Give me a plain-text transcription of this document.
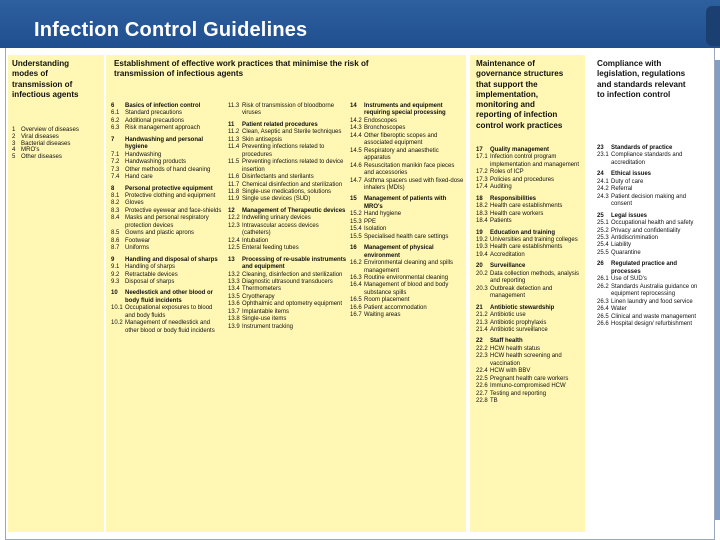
Infection Control Guidelines
Understanding
modes of
transmission of
infectious agents
1 Overview of diseases
2 Viral diseases
3 Bacterial diseases
4 MRO's
5 Other diseases
Establishment of effective work practices that minimise the risk of
transmission of infectious agents
6	Basics of infection control
6.1 Standard precautions
6.2 Additional precautions
6.3 Risk management approach
7	Handwashing and personal hygiene
7.1 Handwashing
7.2 Handwashing products
7.3 Other methods of hand cleaning
7.4 Hand care
8	Personal protective equipment
8.1 Protective clothing and equipment
8.2 Gloves
8.3 Protective eyewear and face-shields
8.4 Masks and personal respiratory protection devices
8.5 Gowns and plastic aprons
8.6 Footwear
8.7 Uniforms
9	Handling and disposal of sharps
9.1 Handling of sharps
9.2 Retractable devices
9.3 Disposal of sharps
10	Needlestick and other blood or body fluid incidents
10.1 Occupational exposures to blood and body fluids
10.2 Management of needlestick and other blood or body fluid incidents
11.3 Risk of transmission of bloodborne viruses
11	Patient related procedures
11.2 Clean, Aseptic and Sterile techniques
11.3 Skin antisepsis
11.4 Preventing infections related to procedures
11.5 Preventing infections related to device insertion
11.6 Disinfectants and sterilants
11.7 Chemical disinfection and sterilization
11.8 Single-use medications, solutions
11.9 Single use devices (SUD)
12	Management of Therapeutic devices
12.2 Indwelling urinary devices
12.3 Intravascular access devices (catheters)
12.4 Intubation
12.5 Enteral feeding tubes
13	Processing of re-usable instruments and equipment
13.2 Cleaning, disinfection and sterilization
13.3 Diagnostic ultrasound transducers
13.4 Thermometers
13.5 Cryotherapy
13.6 Ophthalmic and optometry equipment
13.7 Implantable items
13.8 Single-use items
13.9 Instrument tracking
14	Instruments and equipment requiring special processing
14.2 Endoscopes
14.3 Bronchoscopes
14.4 Other fiberoptic scopes and associated equipment
14.5 Respiratory and anaesthetic apparatus
14.6 Resuscitation manikin face pieces and accessories
14.7 Asthma spacers used with fixed-dose inhalers (MDIs)
15	Management of patients with MRO's
15.2 Hand hygiene
15.3 PPE
15.4 Isolation
15.5 Specialised health care settings
16	Management of physical environment
16.2 Environmental cleaning and spills management
16.3 Routine environmental cleaning
16.4 Management of blood and body substance spills
16.5 Room placement
16.6 Patient accommodation
16.7 Waiting areas
Maintenance of
governance structures
that support the
implementation,
monitoring and
reporting of infection
control work practices
17	Quality management
17.1 Infection control program implementation and management
17.2 Roles of ICP
17.3 Policies and procedures
17.4 Auditing
18	Responsibilities
18.2 Health care establishments
18.3 Health care workers
18.4 Patients
19	Education and training
19.2 Universities and training colleges
19.3 Health care establishments
19.4 Accreditation
20	Surveillance
20.2 Data collection methods, analysis and reporting
20.3 Outbreak detection and management
21	Antibiotic stewardship
21.2 Antibiotic use
21.3 Antibiotic prophylaxis
21.4 Antibiotic surveillance
22	Staff health
22.2 HCW health status
22.3 HCW health screening and vaccination
22.4 HCW with BBV
22.5 Pregnant health care workers
22.6 Immuno-compromised HCW
22.7 Testing and reporting
22.8 TB
Compliance with
legislation, regulations
and standards relevant
to infection control
23	Standards of practice
23.1 Compliance standards and accreditation
24	Ethical issues
24.1 Duty of care
24.2 Referral
24.3 Patient decision making and consent
25	Legal issues
25.1 Occupational health and safety
25.2 Privacy and confidentiality
25.3 Antidiscrimination
25.4 Liability
25.5 Quarantine
26	Regulated practice and processes
26.1 Use of SUD's
26.2 Standards Australia guidance on equipment reprocessing
26.3 Linen laundry and food service
26.4 Water
26.5 Clinical and waste management
26.6 Hospital design/ refurbishment
